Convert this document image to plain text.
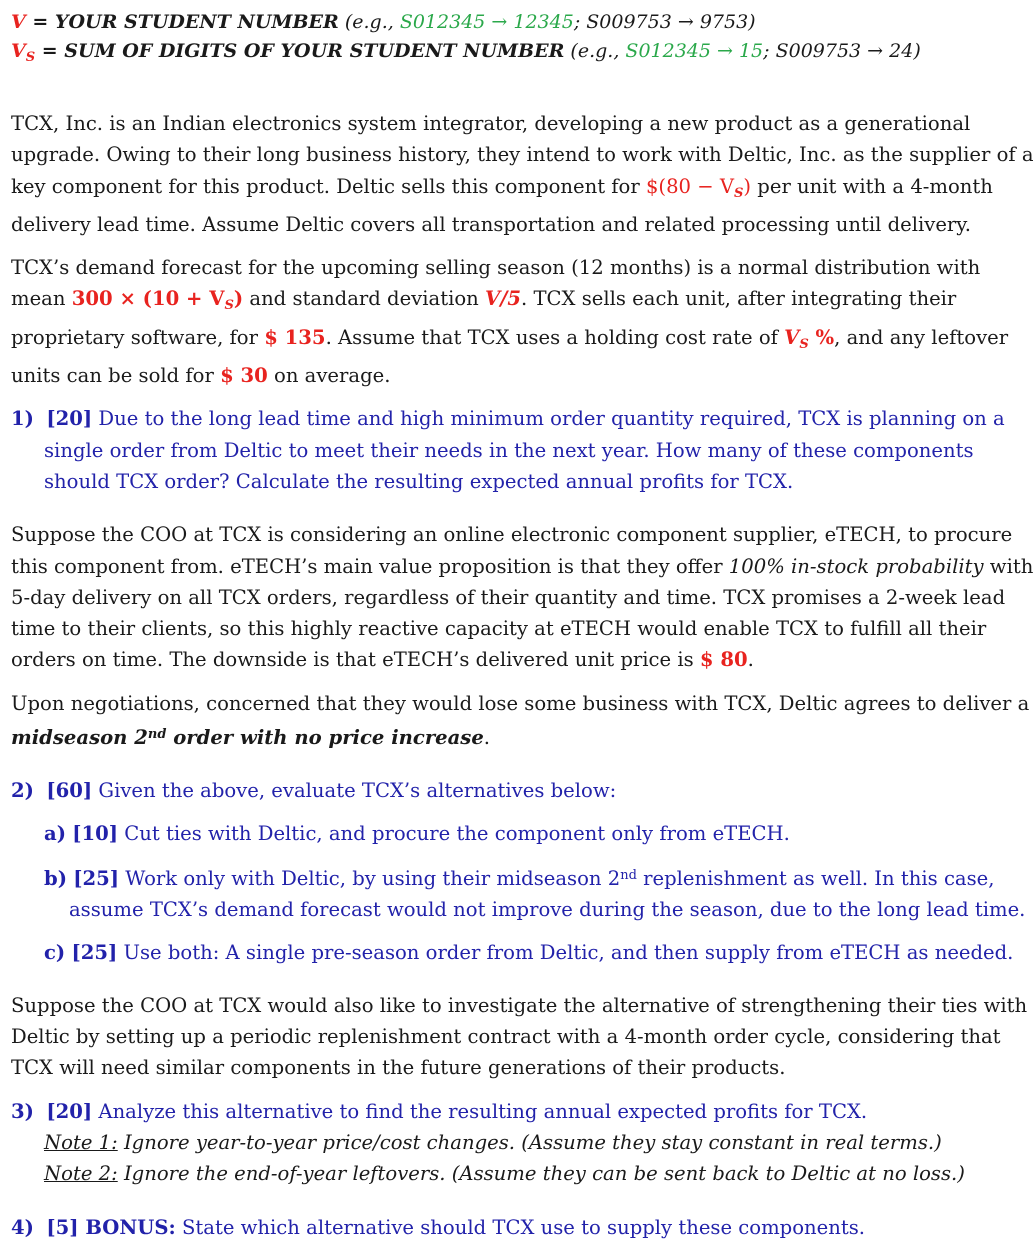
V = YOUR STUDENT NUMBER (e.g., S012345 → 12345; S009753 → 9753)
$V_S$ = SUM OF DIGITS OF YOUR STUDENT NUMBER (e.g., S012345 → 15; S009753 → 24)
TCX, Inc. is an Indian electronics system integrator, developing a new product as a generational
upgrade. Owing to their long business history, they intend to work with Deltic, Inc. as the supplier of a
key component for this product. Deltic sells this component for $(80 − $V_S$) per unit with a 4-month
delivery lead time. Assume Deltic covers all transportation and related processing until delivery.
TCX’s demand forecast for the upcoming selling season (12 months) is a normal distribution with
mean $300 \times (10 + V_S)$ and standard deviation V/5. TCX sells each unit, after integrating their
proprietary software, for $ 135. Assume that TCX uses a holding cost rate of $V_S$ %, and any leftover
units can be sold for $ 30 on average.
1) [20] Due to the long lead time and high minimum order quantity required, TCX is planning on a
single order from Deltic to meet their needs in the next year. How many of these components
should TCX order? Calculate the resulting expected annual profits for TCX.
Suppose the COO at TCX is considering an online electronic component supplier, eTECH, to procure
this component from. eTECH’s main value proposition is that they offer 100% in-stock probability with
5-day delivery on all TCX orders, regardless of their quantity and time. TCX promises a 2-week lead
time to their clients, so this highly reactive capacity at eTECH would enable TCX to fulfill all their
orders on time. The downside is that eTECH’s delivered unit price is $ 80.
Upon negotiations, concerned that they would lose some business with TCX, Deltic agrees to deliver a
midseason 2nd order with no price increase.
2) [60] Given the above, evaluate TCX’s alternatives below:
a) [10] Cut ties with Deltic, and procure the component only from eTECH.
b) [25] Work only with Deltic, by using their midseason 2nd replenishment as well. In this case,
assume TCX’s demand forecast would not improve during the season, due to the long lead time.
c) [25] Use both: A single pre-season order from Deltic, and then supply from eTECH as needed.
Suppose the COO at TCX would also like to investigate the alternative of strengthening their ties with
Deltic by setting up a periodic replenishment contract with a 4-month order cycle, considering that
TCX will need similar components in the future generations of their products.
3) [20] Analyze this alternative to find the resulting annual expected profits for TCX.
Note 1: Ignore year-to-year price/cost changes. (Assume they stay constant in real terms.)
Note 2: Ignore the end-of-year leftovers. (Assume they can be sent back to Deltic at no loss.)
4) [5] BONUS: State which alternative should TCX use to supply these components.
